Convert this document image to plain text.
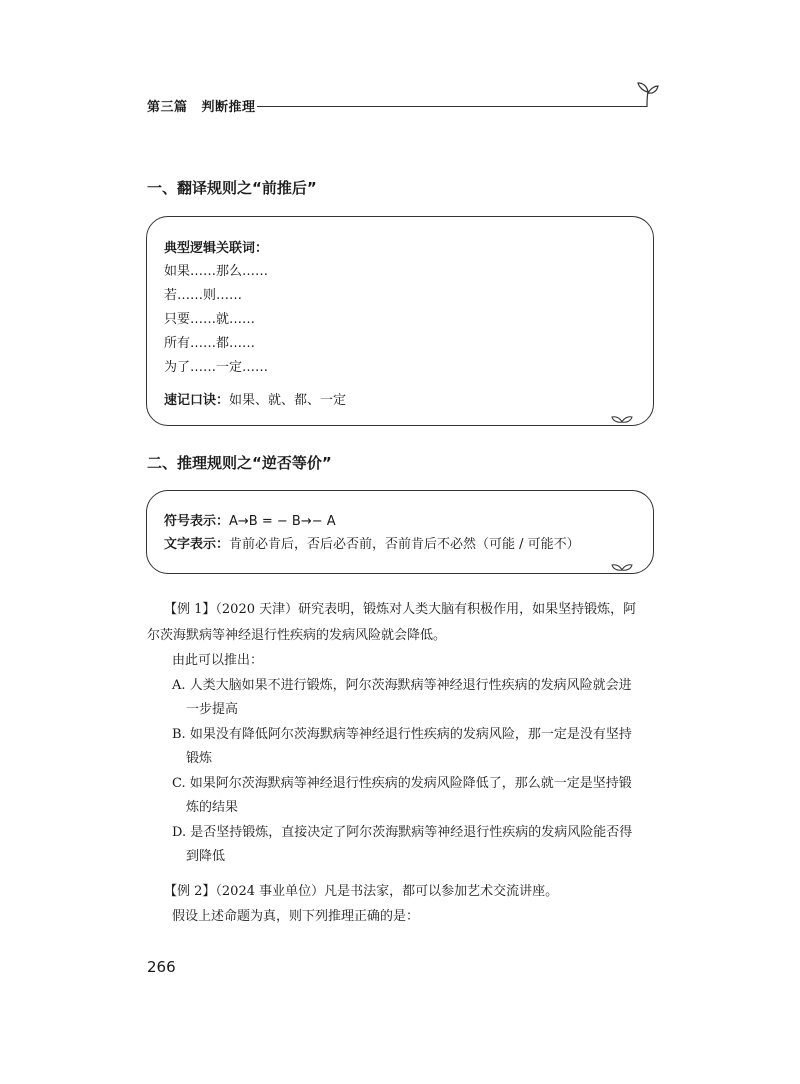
第三篇 判断推理
一、翻译规则之“前推后”
典型逻辑关联词：
如果……那么……
若……则……
只要……就……
所有……都……
为了……一定……
速记口诀：如果、就、都、一定
二、推理规则之“逆否等价”
符号表示：A→B = − B→− A
文字表示：肯前必肯后，否后必否前，否前肯后不必然（可能 / 可能不）
【例 1】（2020 天津）研究表明，锻炼对人类大脑有积极作用，如果坚持锻炼，阿
尔茨海默病等神经退行性疾病的发病风险就会降低。
由此可以推出：
A. 人类大脑如果不进行锻炼，阿尔茨海默病等神经退行性疾病的发病风险就会进
一步提高
B. 如果没有降低阿尔茨海默病等神经退行性疾病的发病风险，那一定是没有坚持
锻炼
C. 如果阿尔茨海默病等神经退行性疾病的发病风险降低了，那么就一定是坚持锻
炼的结果
D. 是否坚持锻炼，直接决定了阿尔茨海默病等神经退行性疾病的发病风险能否得
到降低
【例 2】（2024 事业单位）凡是书法家，都可以参加艺术交流讲座。
假设上述命题为真，则下列推理正确的是：
266
